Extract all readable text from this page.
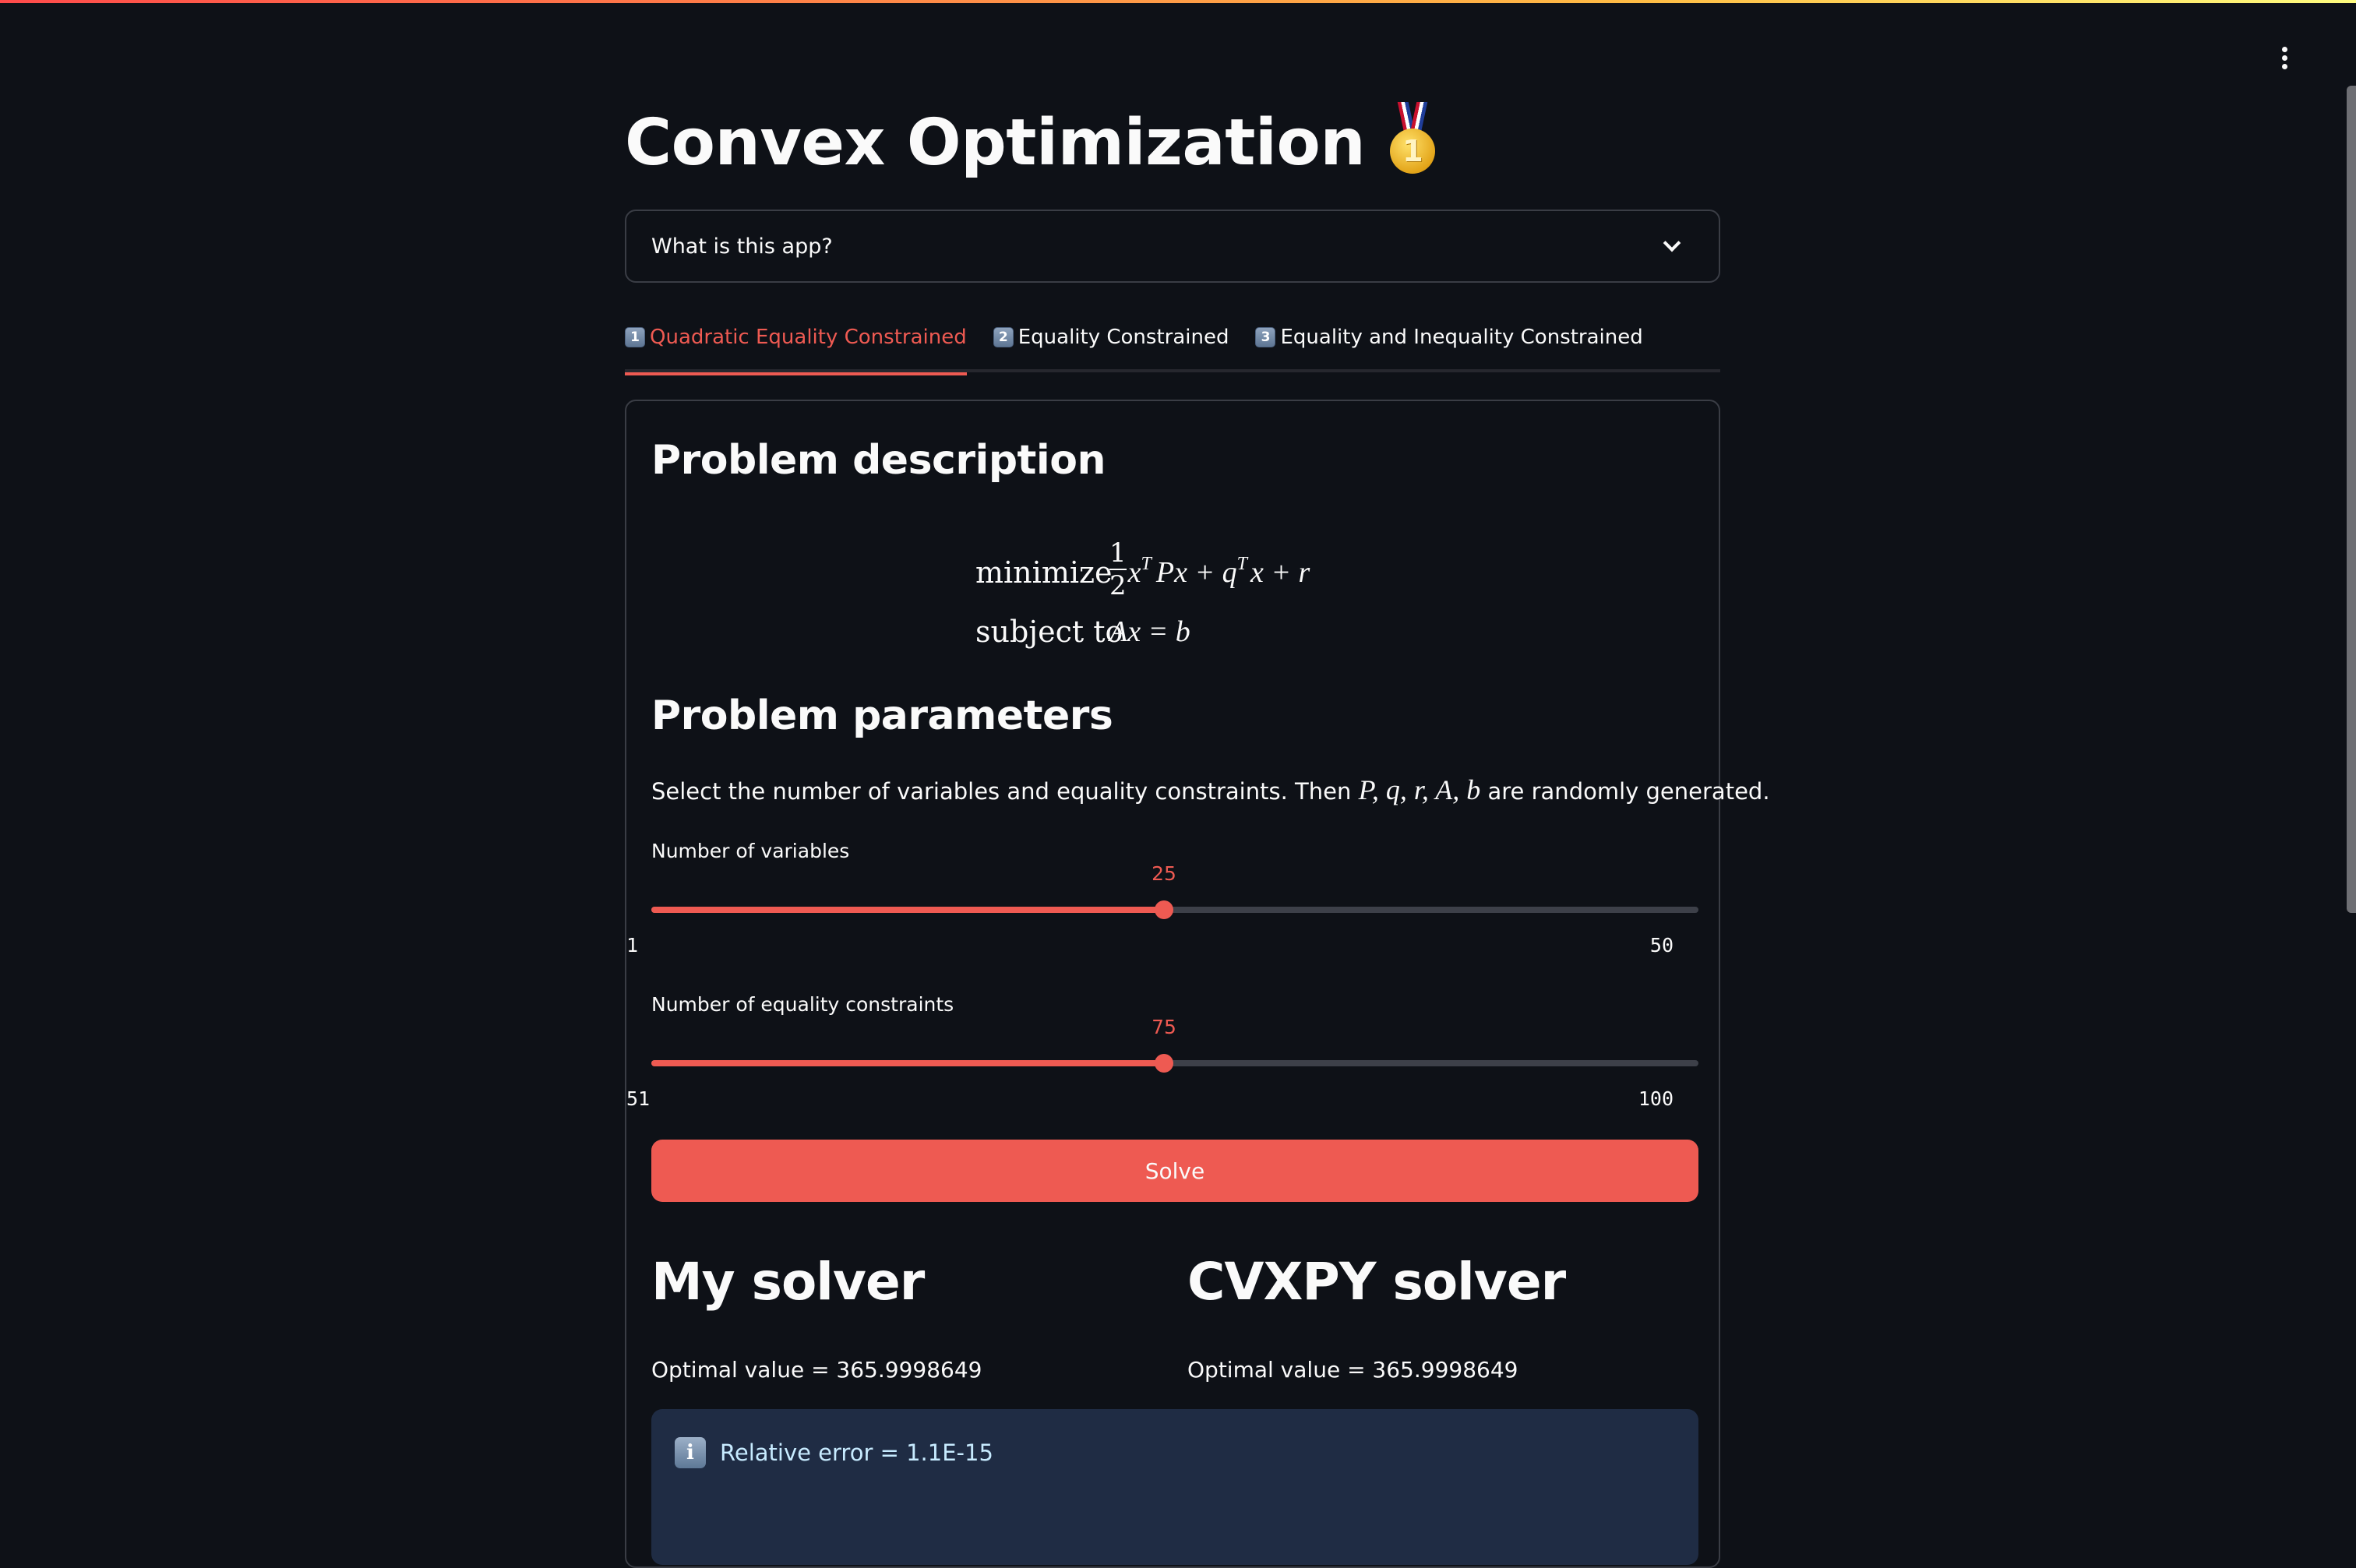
Convex Optimization	1
What is this app?
1 Quadratic Equality Constrained	2 Equality Constrained	3 Equality and Inequality Constrained
Problem description
minimize
$\frac{1}{2}$ x $^T$ Px + q $^T$ x + r
subject to
Ax = b
Problem parameters
Select the number of variables and equality constraints. Then P, q, r, A, b are randomly generated.
Number of variables
25
1	50
Number of equality constraints
75
51	100
Solve
My solver
Optimal value = 365.9998649
CVXPY solver
Optimal value = 365.9998649
i	Relative error = 1.1E-15
